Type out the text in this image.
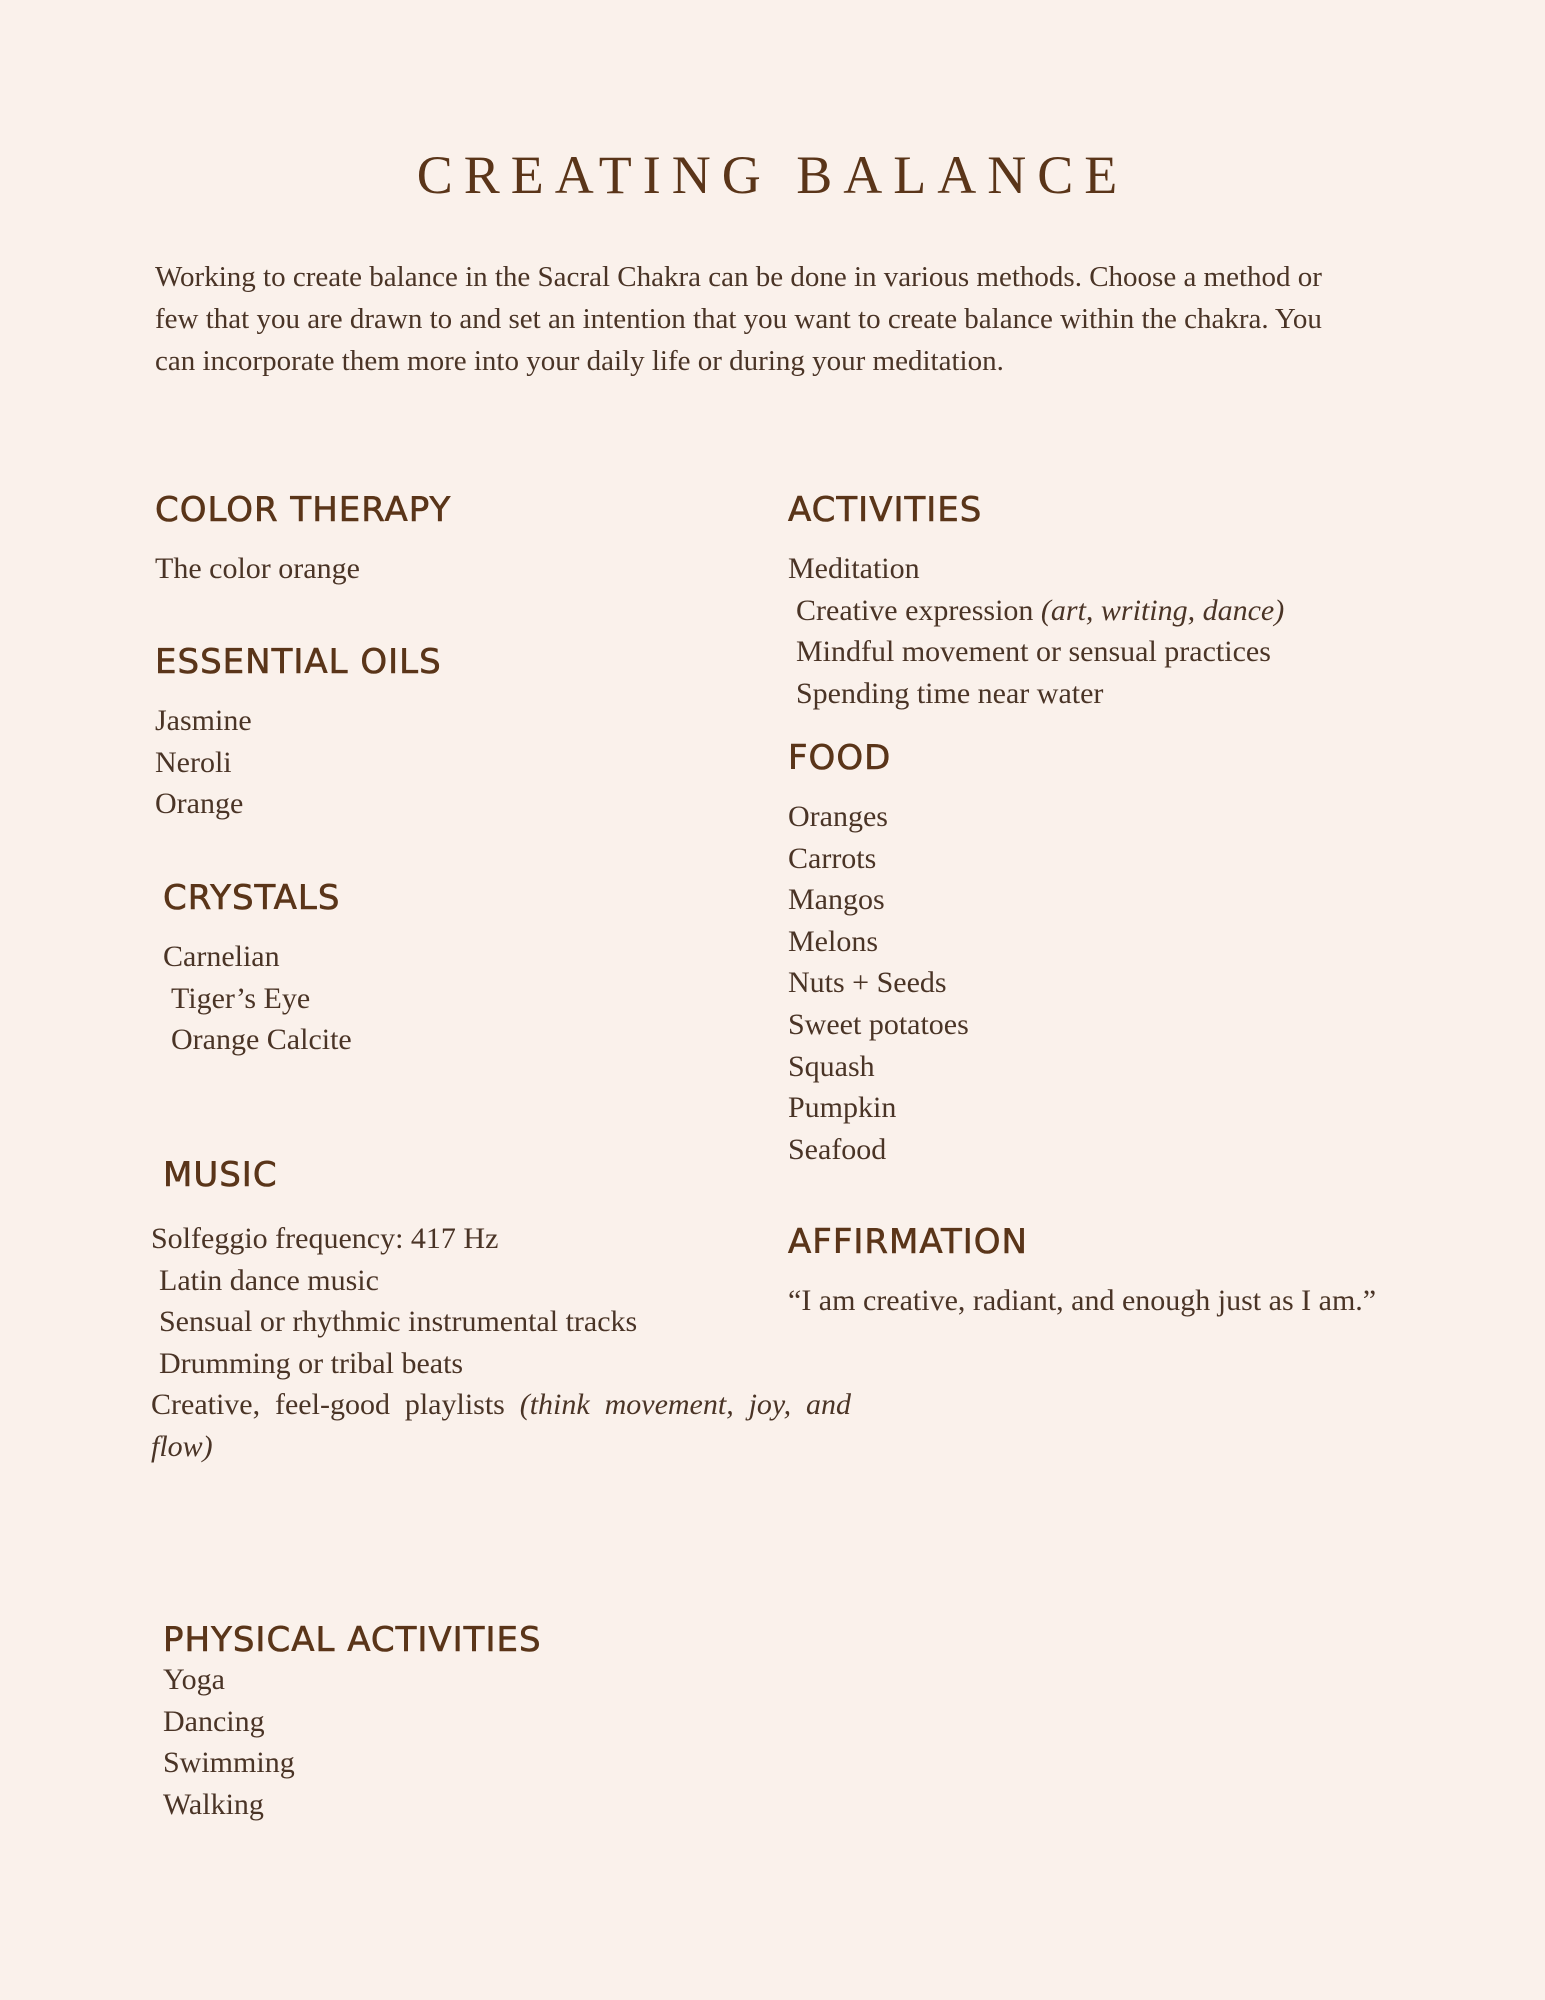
CREATING BALANCE

Working to create balance in the Sacral Chakra can be done in various methods. Choose a method or few that you are drawn to and set an intention that you want to create balance within the chakra. You can incorporate them more into your daily life or during your meditation.

COLOR THERAPY

The color orange

ESSENTIAL OILS
Jasmine
Neroli
Orange
CRYSTALS
Carnelian
Tiger’s Eye
Orange Calcite
MUSIC
Solfeggio frequency: 417 Hz
Latin dance music
Sensual or rhythmic instrumental tracks
Drumming or tribal beats

Creative, feel-good playlists (think movement, joy, and flow)

PHYSICAL ACTIVITIES
Yoga
Dancing
Swimming
Walking
ACTIVITIES
Meditation
Creative expression (art, writing, dance)
Mindful movement or sensual practices
Spending time near water
FOOD
Oranges
Carrots
Mangos
Melons
Nuts + Seeds
Sweet potatoes
Squash
Pumpkin
Seafood
AFFIRMATION

“I am creative, radiant, and enough just as I am.”
